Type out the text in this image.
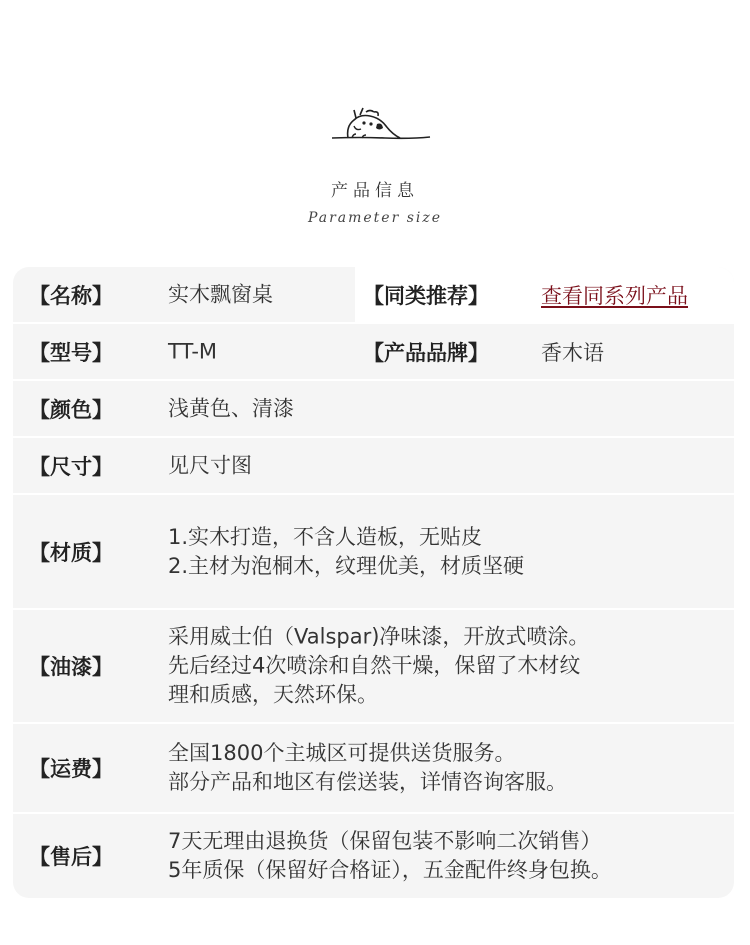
产品信息
Parameter size
【名称】	实木飘窗桌	【同类推荐】 查看同系列产品
【型号】	TT-M	【产品品牌】 香木语
【颜色】	浅黄色、清漆
【尺寸】	见尺寸图
【材质】
1.实木打造，不含人造板，无贴皮
2.主材为泡桐木，纹理优美，材质坚硬
【油漆】
采用威士伯（Valspar)净味漆，开放式喷涂。
先后经过4次喷涂和自然干燥，保留了木材纹
理和质感，天然环保。
【运费】
全国1800个主城区可提供送货服务。
部分产品和地区有偿送装，详情咨询客服。
【售后】
7天无理由退换货（保留包装不影响二次销售）
5年质保（保留好合格证），五金配件终身包换。
